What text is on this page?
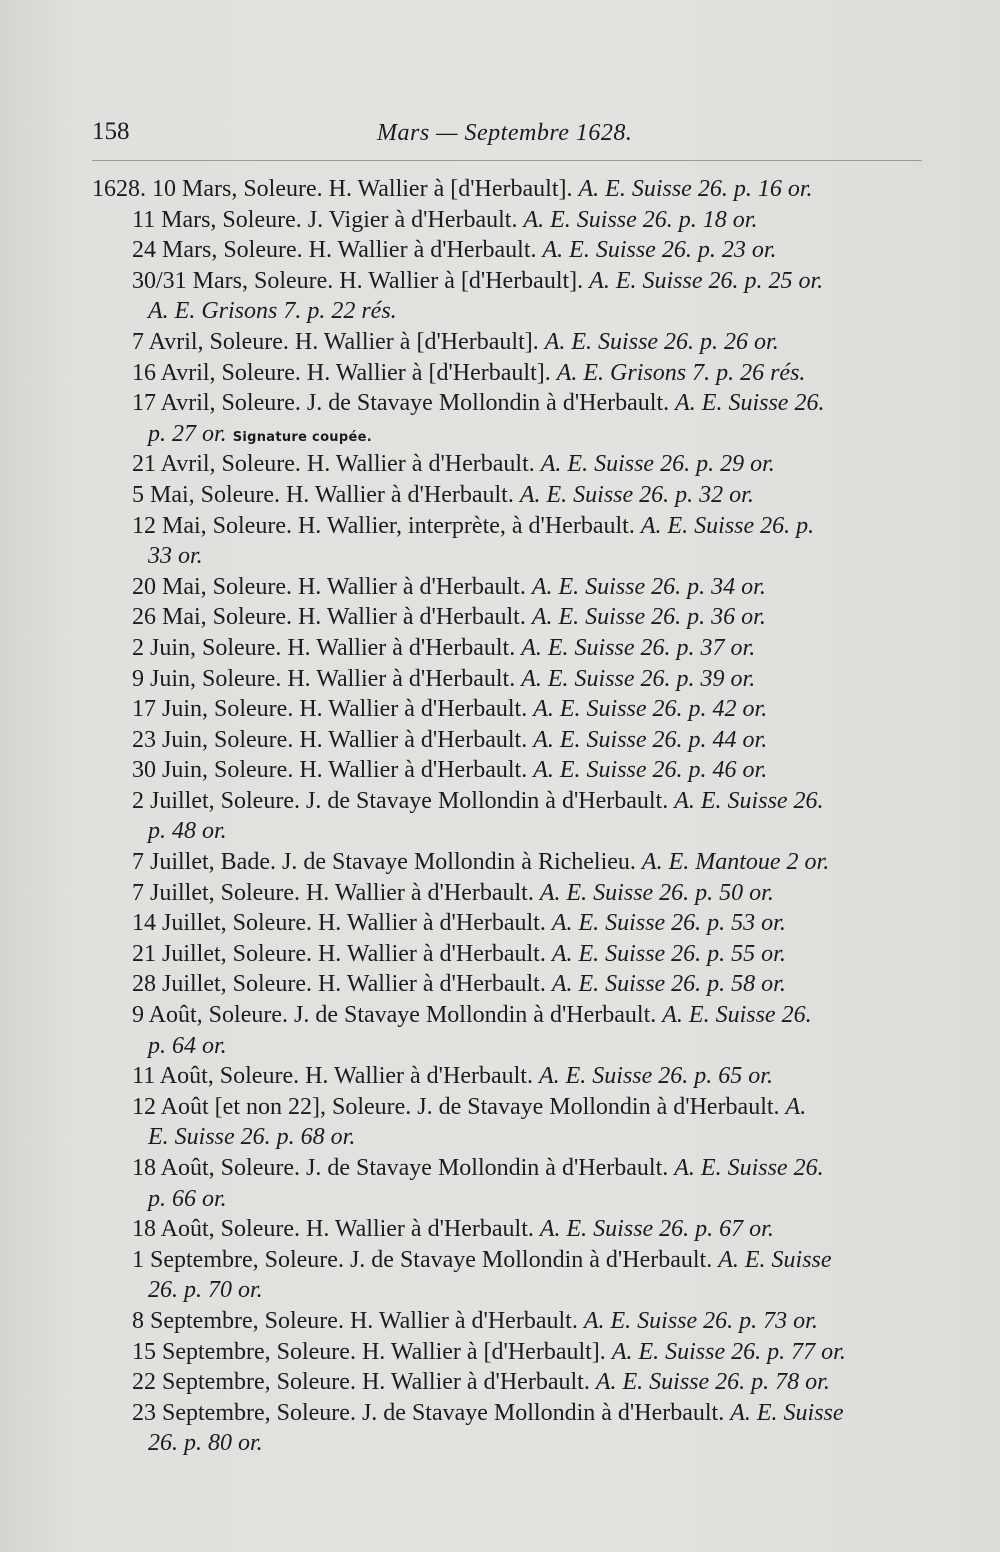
158	Mars — Septembre 1628.
1628. 10 Mars, Soleure. H. Wallier à [d'Herbault]. A. E. Suisse 26. p. 16 or.
11 Mars, Soleure. J. Vigier à d'Herbault. A. E. Suisse 26. p. 18 or.
24 Mars, Soleure. H. Wallier à d'Herbault. A. E. Suisse 26. p. 23 or.
30/31 Mars, Soleure. H. Wallier à [d'Herbault]. A. E. Suisse 26. p. 25 or.
A. E. Grisons 7. p. 22 rés.
7 Avril, Soleure. H. Wallier à [d'Herbault]. A. E. Suisse 26. p. 26 or.
16 Avril, Soleure. H. Wallier à [d'Herbault]. A. E. Grisons 7. p. 26 rés.
17 Avril, Soleure. J. de Stavaye Mollondin à d'Herbault. A. E. Suisse 26.
p. 27 or. Signature coupée.
21 Avril, Soleure. H. Wallier à d'Herbault. A. E. Suisse 26. p. 29 or.
5 Mai, Soleure. H. Wallier à d'Herbault. A. E. Suisse 26. p. 32 or.
12 Mai, Soleure. H. Wallier, interprète, à d'Herbault. A. E. Suisse 26. p.
33 or.
20 Mai, Soleure. H. Wallier à d'Herbault. A. E. Suisse 26. p. 34 or.
26 Mai, Soleure. H. Wallier à d'Herbault. A. E. Suisse 26. p. 36 or.
2 Juin, Soleure. H. Wallier à d'Herbault. A. E. Suisse 26. p. 37 or.
9 Juin, Soleure. H. Wallier à d'Herbault. A. E. Suisse 26. p. 39 or.
17 Juin, Soleure. H. Wallier à d'Herbault. A. E. Suisse 26. p. 42 or.
23 Juin, Soleure. H. Wallier à d'Herbault. A. E. Suisse 26. p. 44 or.
30 Juin, Soleure. H. Wallier à d'Herbault. A. E. Suisse 26. p. 46 or.
2 Juillet, Soleure. J. de Stavaye Mollondin à d'Herbault. A. E. Suisse 26.
p. 48 or.
7 Juillet, Bade. J. de Stavaye Mollondin à Richelieu. A. E. Mantoue 2 or.
7 Juillet, Soleure. H. Wallier à d'Herbault. A. E. Suisse 26. p. 50 or.
14 Juillet, Soleure. H. Wallier à d'Herbault. A. E. Suisse 26. p. 53 or.
21 Juillet, Soleure. H. Wallier à d'Herbault. A. E. Suisse 26. p. 55 or.
28 Juillet, Soleure. H. Wallier à d'Herbault. A. E. Suisse 26. p. 58 or.
9 Août, Soleure. J. de Stavaye Mollondin à d'Herbault. A. E. Suisse 26.
p. 64 or.
11 Août, Soleure. H. Wallier à d'Herbault. A. E. Suisse 26. p. 65 or.
12 Août [et non 22], Soleure. J. de Stavaye Mollondin à d'Herbault. A.
E. Suisse 26. p. 68 or.
18 Août, Soleure. J. de Stavaye Mollondin à d'Herbault. A. E. Suisse 26.
p. 66 or.
18 Août, Soleure. H. Wallier à d'Herbault. A. E. Suisse 26. p. 67 or.
1 Septembre, Soleure. J. de Stavaye Mollondin à d'Herbault. A. E. Suisse
26. p. 70 or.
8 Septembre, Soleure. H. Wallier à d'Herbault. A. E. Suisse 26. p. 73 or.
15 Septembre, Soleure. H. Wallier à [d'Herbault]. A. E. Suisse 26. p. 77 or.
22 Septembre, Soleure. H. Wallier à d'Herbault. A. E. Suisse 26. p. 78 or.
23 Septembre, Soleure. J. de Stavaye Mollondin à d'Herbault. A. E. Suisse
26. p. 80 or.
